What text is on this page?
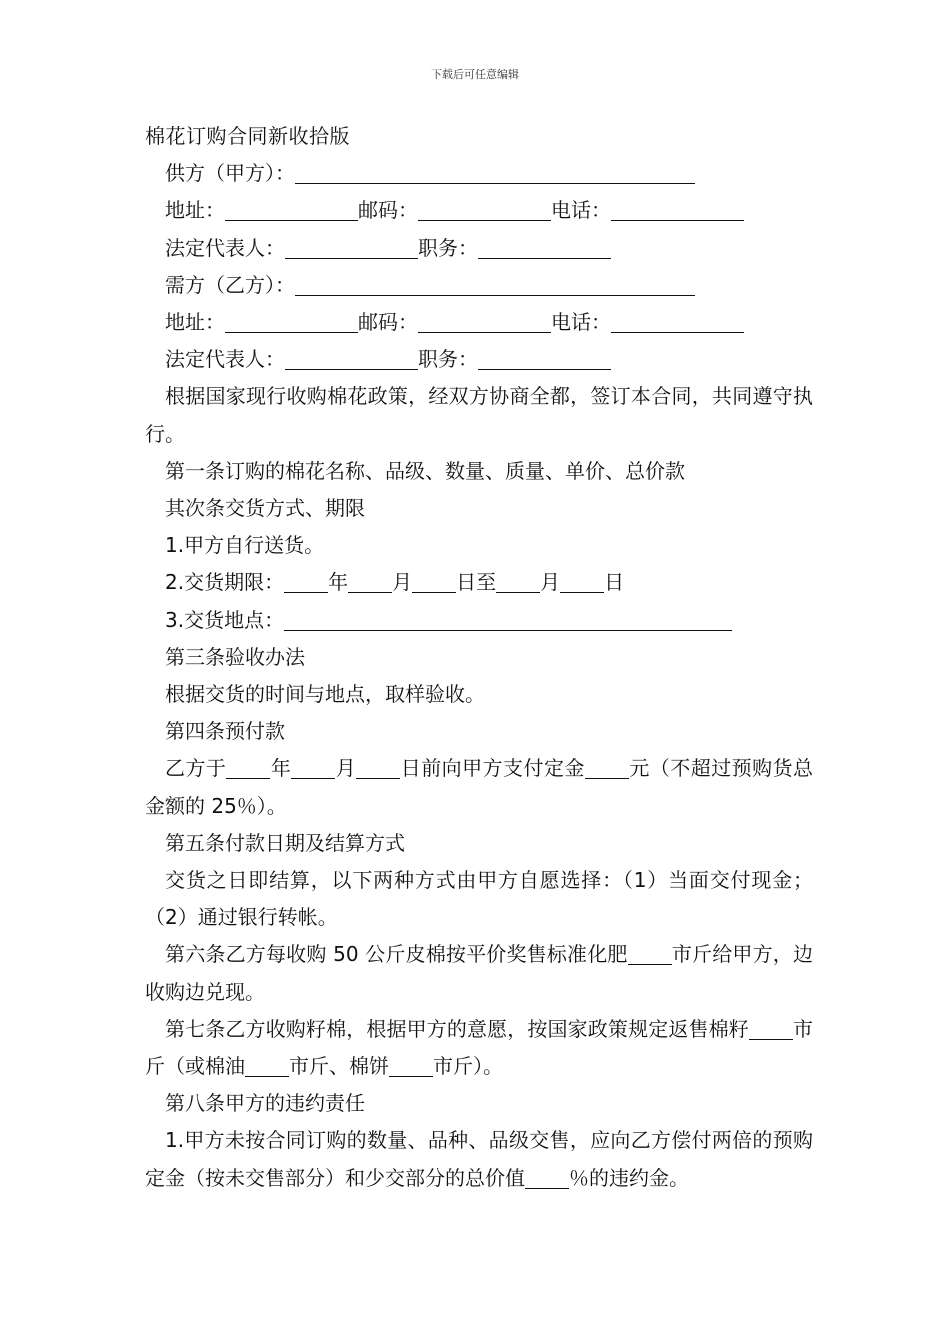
下载后可任意编辑
棉花订购合同新收拾版
供方（甲方）：
地址：	邮码：	电话：
法定代表人：	职务：
需方（乙方）：
地址：	邮码：	电话：
法定代表人：	职务：
根据国家现行收购棉花政策，经双方协商全都，签订本合同，共同遵守执行。
第一条订购的棉花名称、品级、数量、质量、单价、总价款
其次条交货方式、期限
1.甲方自行送货。
2.交货期限： 年 月 日至 月 日
3.交货地点：
第三条验收办法
根据交货的时间与地点，取样验收。
第四条预付款
乙方于 年 月 日前向甲方支付定金 元（不超过预购货总金额的 25％）。
第五条付款日期及结算方式
交货之日即结算，以下两种方式由甲方自愿选择：（1）当面交付现金；（2）通过银行转帐。
第六条乙方每收购 50 公斤皮棉按平价奖售标准化肥 市斤给甲方，边收购边兑现。
第七条乙方收购籽棉，根据甲方的意愿，按国家政策规定返售棉籽 市斤（或棉油 市斤、棉饼 市斤）。
第八条甲方的违约责任
1.甲方未按合同订购的数量、品种、品级交售，应向乙方偿付两倍的预购定金（按未交售部分）和少交部分的总价值 ％的违约金。
